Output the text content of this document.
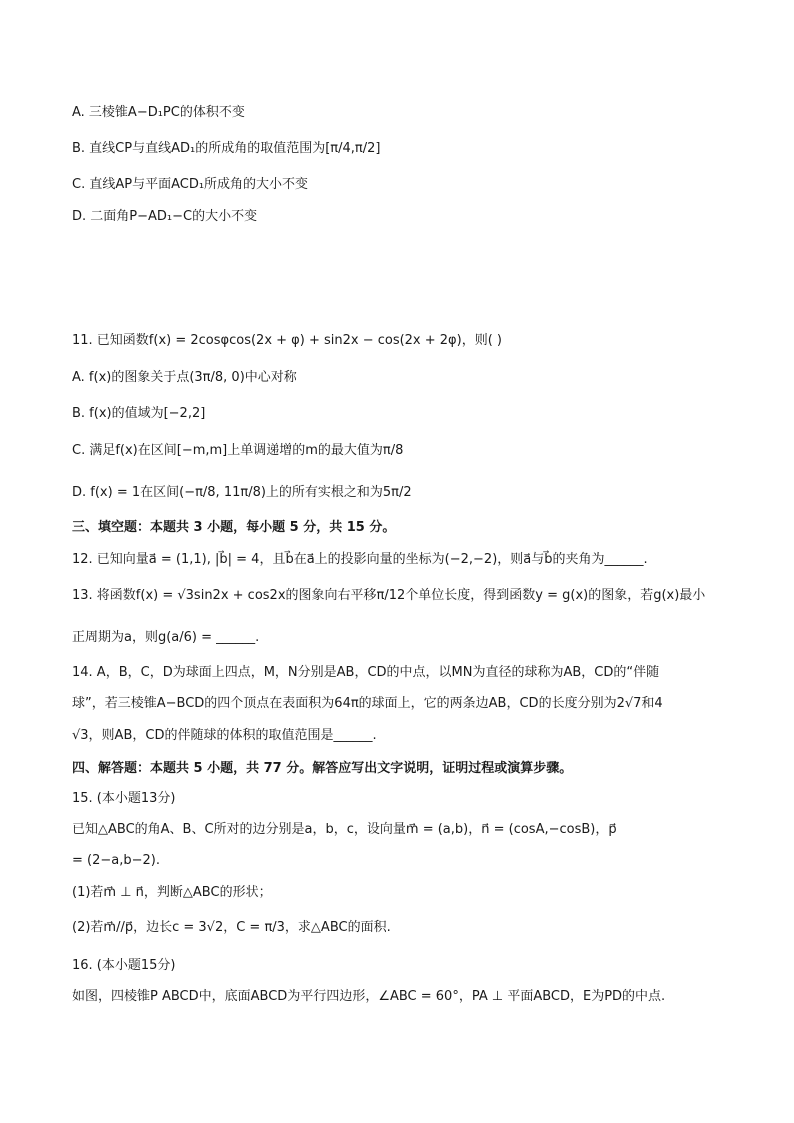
A. 三棱锥A−D₁PC的体积不变
B. 直线CP与直线AD₁的所成角的取值范围为[π/4,π/2]
C. 直线AP与平面ACD₁所成角的大小不变
D. 二面角P−AD₁−C的大小不变
11. 已知函数f(x) = 2cosφcos(2x + φ) + sin2x − cos(2x + 2φ)，则( )
A. f(x)的图象关于点(3π/8, 0)中心对称
B. f(x)的值域为[−2,2]
C. 满足f(x)在区间[−m,m]上单调递增的m的最大值为π/8
D. f(x) = 1在区间(−π/8, 11π/8)上的所有实根之和为5π/2
三、填空题：本题共 3 小题，每小题 5 分，共 15 分。
12. 已知向量a⃗ = (1,1), |b⃗| = 4，且b⃗在a⃗上的投影向量的坐标为(−2,−2)，则a⃗与b⃗的夹角为______.
13. 将函数f(x) = √3sin2x + cos2x的图象向右平移π/12个单位长度，得到函数y = g(x)的图象，若g(x)最小
正周期为a，则g(a/6) = ______.
14. A，B，C，D为球面上四点，M，N分别是AB，CD的中点，以MN为直径的球称为AB，CD的“伴随
球”，若三棱锥A−BCD的四个顶点在表面积为64π的球面上，它的两条边AB，CD的长度分别为2√7和4
√3，则AB，CD的伴随球的体积的取值范围是______.
四、解答题：本题共 5 小题，共 77 分。解答应写出文字说明，证明过程或演算步骤。
15. (本小题13分)
已知△ABC的角A、B、C所对的边分别是a，b，c，设向量m⃗ = (a,b)，n⃗ = (cosA,−cosB)，p⃗
= (2−a,b−2).
(1)若m⃗ ⊥ n⃗，判断△ABC的形状；
(2)若m⃗//p⃗，边长c = 3√2，C = π/3，求△ABC的面积.
16. (本小题15分)
如图，四棱锥P ABCD中，底面ABCD为平行四边形，∠ABC = 60°，PA ⊥ 平面ABCD，E为PD的中点.
